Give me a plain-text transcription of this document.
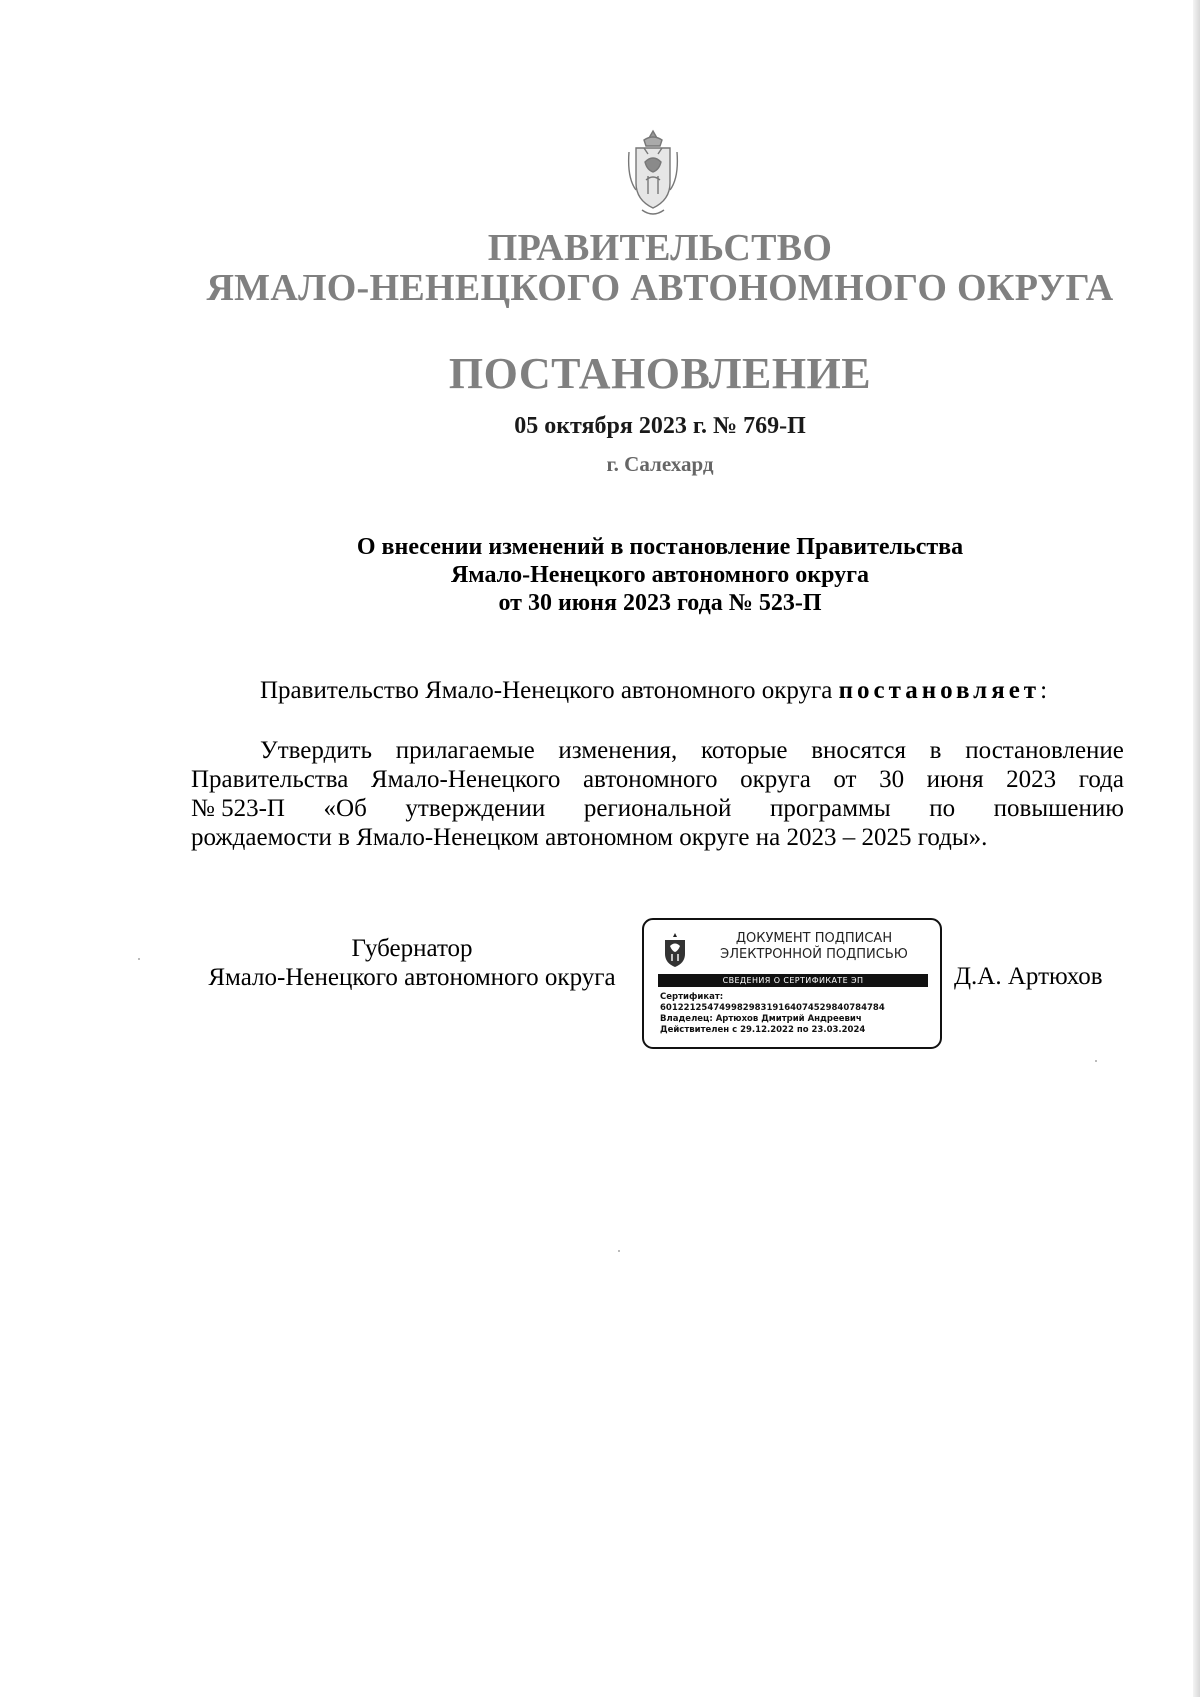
ПРАВИТЕЛЬСТВО
ЯМАЛО-НЕНЕЦКОГО АВТОНОМНОГО ОКРУГА
ПОСТАНОВЛЕНИЕ
05 октября 2023 г. № 769-П
г. Салехард
О внесении изменений в постановление Правительства
Ямало-Ненецкого автономного округа
от 30 июня 2023 года № 523-П
Правительство Ямало-Ненецкого автономного округа постановляет:
Утвердить прилагаемые изменения, которые вносятся в постановление
Правительства Ямало-Ненецкого автономного округа от 30 июня 2023 года
№ 523-П «Об утверждении региональной программы по повышению
рождаемости в Ямало-Ненецком автономном округе на 2023 – 2025 годы».
Губернатор
Ямало-Ненецкого автономного округа
ДОКУМЕНТ ПОДПИСАН
ЭЛЕКТРОННОЙ ПОДПИСЬЮ
СВЕДЕНИЯ О СЕРТИФИКАТЕ ЭП
Сертификат:
60122125474998298319164074529840784784
Владелец: Артюхов Дмитрий Андреевич
Действителен с 29.12.2022 по 23.03.2024
Д.А. Артюхов
